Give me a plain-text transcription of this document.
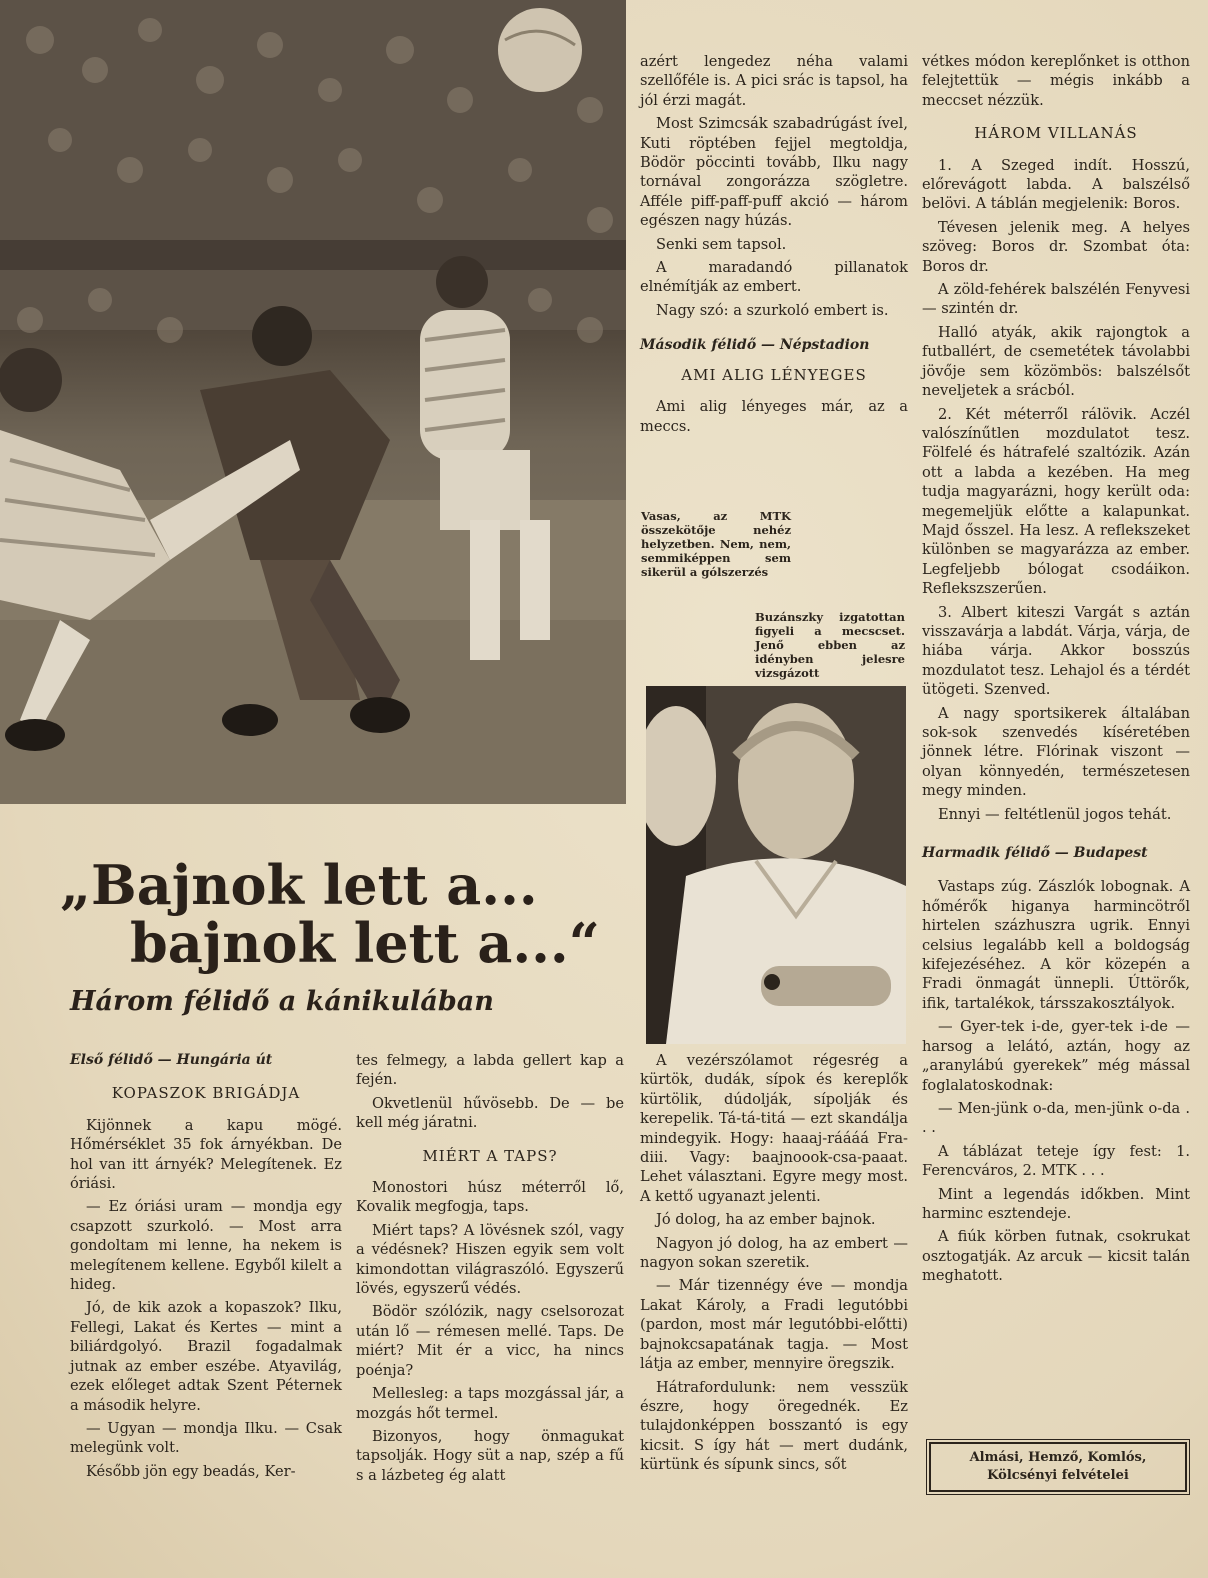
„Bajnok lett a...
bajnok lett a...“
Három félidő a kánikulában

Első félidő — Hungária út

KOPASZOK BRIGÁDJA

Kijönnek a kapu mögé. Hőmérséklet 35 fok árnyékban. De hol van itt árnyék? Melegítenek. Ez óriási.

— Ez óriási uram — mondja egy csapzott szurkoló. — Most arra gondoltam mi lenne, ha nekem is melegítenem kellene. Egyből kilelt a hideg.

Jó, de kik azok a kopaszok? Ilku, Fellegi, Lakat és Kertes — mint a biliárdgolyó. Brazil fogadalmak jutnak az ember eszébe. Atyavilág, ezek előleget adtak Szent Péternek a második helyre.

— Ugyan — mondja Ilku. — Csak melegünk volt.

Később jön egy beadás, Ker-

tes felmegy, a labda gellert kap a fején.

Okvetlenül hűvösebb. De — be kell még járatni.

MIÉRT A TAPS?

Monostori húsz méterről lő, Kovalik megfogja, taps.

Miért taps? A lövésnek szól, vagy a védésnek? Hiszen egyik sem volt kimondottan világraszóló. Egyszerű lövés, egyszerű védés.

Bödör szólózik, nagy cselsorozat után lő — rémesen mellé. Taps. De miért? Mit ér a vicc, ha nincs poénja?

Mellesleg: a taps mozgással jár, a mozgás hőt termel.

Bizonyos, hogy önmagukat tapsolják. Hogy süt a nap, szép a fű s a lázbeteg ég alatt

azért lengedez néha valami szellőféle is. A pici srác is tapsol, ha jól érzi magát.

Most Szimcsák szabadrúgást ível, Kuti röptében fejjel megtoldja, Bödör pöccinti tovább, Ilku nagy tornával zongorázza szögletre. Afféle piff-paff-puff akció — három egészen nagy húzás.

Senki sem tapsol.

A maradandó pillanatok elnémítják az embert.

Nagy szó: a szurkoló embert is.

Második félidő — Népstadion

AMI ALIG LÉNYEGES

Ami alig lényeges már, az a meccs.

Vasas, az MTK összekötője nehéz helyzetben. Nem, nem, semmiképpen sem sikerül a gólszerzés
Buzánszky izgatottan figyeli a mecscset. Jenő ebben az idényben jelesre vizsgázott

A vezérszólamot régesrég a kürtök, dudák, sípok és kereplők kürtölik, dúdolják, sípolják és kerepelik. Tá-tá-titá — ezt skandálja mindegyik. Hogy: haaaj-ráááá Fra-diii. Vagy: baajnoook-csa-paaat. Lehet választani. Egyre megy most. A kettő ugyanazt jelenti.

Jó dolog, ha az ember bajnok.

Nagyon jó dolog, ha az embert — nagyon sokan szeretik.

— Már tizennégy éve — mondja Lakat Károly, a Fradi legutóbbi (pardon, most már legutóbbi-előtti) bajnokcsapatának tagja. — Most látja az ember, mennyire öregszik.

Hátrafordulunk: nem vesszük észre, hogy öregednék. Ez tulajdonképpen bosszantó is egy kicsit. S így hát — mert dudánk, kürtünk és sípunk sincs, sőt

vétkes módon kereplőnket is otthon felejtettük — mégis inkább a meccset nézzük.

HÁROM VILLANÁS

1. A Szeged indít. Hosszú, előrevágott labda. A balszélső belövi. A táblán megjelenik: Boros.

Tévesen jelenik meg. A helyes szöveg: Boros dr. Szombat óta: Boros dr.

A zöld-fehérek balszélén Fenyvesi — szintén dr.

Halló atyák, akik rajongtok a futballért, de csemetétek távolabbi jövője sem közömbös: balszélsőt neveljetek a srácból.

2. Két méterről rálövik. Aczél valószínűtlen mozdulatot tesz. Fölfelé és hátrafelé szaltózik. Azán ott a labda a kezében. Ha meg tudja magyarázni, hogy került oda: megemeljük előtte a kalapunkat. Majd ősszel. Ha lesz. A reflekszeket különben se magyarázza az ember. Legfeljebb bólogat csodáikon. Reflekszszerűen.

3. Albert kiteszi Vargát s aztán visszavárja a labdát. Várja, várja, de hiába várja. Akkor bosszús mozdulatot tesz. Lehajol és a térdét ütögeti. Szenved.

A nagy sportsikerek általában sok-sok szenvedés kíséretében jönnek létre. Flórinak viszont — olyan könnyedén, természetesen megy minden.

Ennyi — feltétlenül jogos tehát.

Harmadik félidő — Budapest

Vastaps zúg. Zászlók lobognak. A hőmérők higanya harmincötről hirtelen százhuszra ugrik. Ennyi celsius legalább kell a boldogság kifejezéséhez. A kör közepén a Fradi önmagát ünnepli. Úttörők, ifik, tartalékok, társszakosztályok.

— Gyer-tek i-de, gyer-tek i-de — harsog a lelátó, aztán, hogy az „aranylábú gyerekek” még mással foglalatoskodnak:

— Men-jünk o-da, men-jünk o-da . . .

A táblázat teteje így fest: 1. Ferencváros, 2. MTK . . .

Mint a legendás időkben. Mint harminc esztendeje.

A fiúk körben futnak, csokrukat osztogatják. Az arcuk — kicsit talán meghatott.

Almási, Hemző, Komlós,
Kölcsényi felvételei
